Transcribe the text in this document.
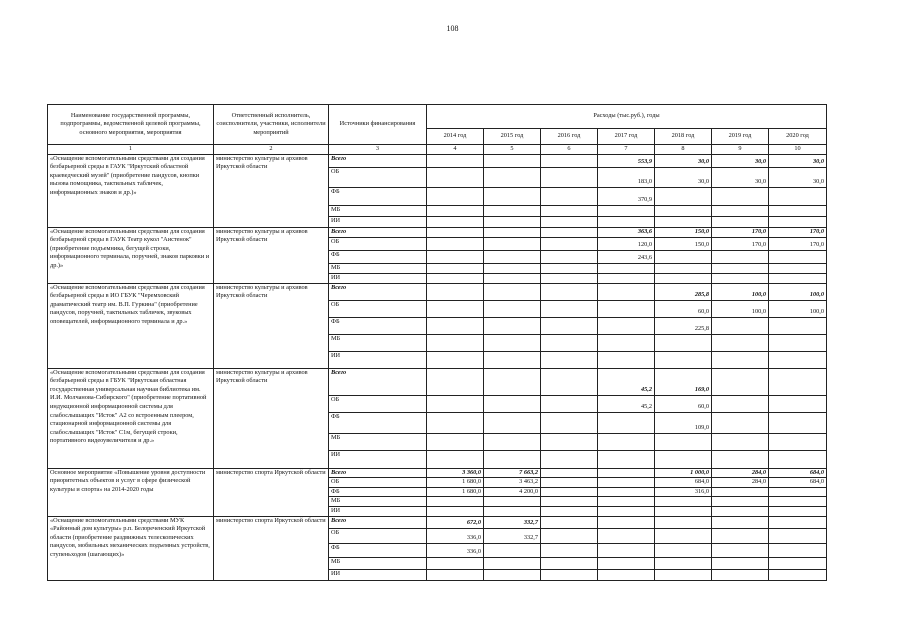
108
Наименование государственной программы, подпрограммы, ведомственной целевой программы, основного мероприятия, мероприятия	Ответственный исполнитель, соисполнители, участники, исполнители мероприятий	Источники финансирования	Расходы (тыс.руб.), годы						
			2014 год	2015 год	2016 год	2017 год	2018 год	2019 год	2020 год
1	2	3	4	5	6	7	8	9	10
«Оснащение вспомогательными средствами для создания безбарьерной среды в ГАУК "Иркутский областной краеведческий музей" (приобретение пандусов, кнопки вызова помощника, тактильных табличек, информационных знаков и др.)»	министерство культуры и архивов Иркутской области	Всего				553,9	30,0	30,0	30,0
		ОБ				183,0	30,0	30,0	30,0
		ФБ				370,9			
		МБ							
		ИИ							
«Оснащение вспомогательными средствами для создания безбарьерной среды в ГАУК Театр кукол "Аистенок"(приобретение подъемника, бегущей строки, информационного терминала, поручней, знаков парковки и др.)»	министерство культуры и архивов Иркутской области	Всего				363,6	150,0	170,0	170,0
		ОБ				120,0	150,0	170,0	170,0
		ФБ				243,6			
		МБ							
		ИИ							
«Оснащение вспомогательными средствами для создания безбарьерной среды в ИО ГБУК "Черемховский драматический театр им. В.П. Гуркина" (приобретение пандусов, поручней, тактильных табличек, звуковых оповещателей, информационного терминала и др.»	министерство культуры и архивов Иркутской области	Всего					285,8	100,0	100,0
		ОБ					60,0	100,0	100,0
		ФБ					225,8		
		МБ							
		ИИ							
«Оснащение вспомогательными средствами для создания безбарьерной среды в ГБУК "Иркутская областная государственная универсальная научная библиотека им. И.И. Молчанова-Сибирского" (приобретение портативной индукционной информационной системы для слабослышащих "Исток" А2 со встроенным плеером, стационарной информационной системы для слабослышащих "Исток" С1м, бегущей строки, портативного видеоувеличителя и др.»	министерство культуры и архивов Иркутской области	Всего				45,2	169,0		
		ОБ				45,2	60,0		
		ФБ					109,0		
		МБ							
		ИИ							
Основное мероприятие «Повышение уровня доступности приоритетных объектов и услуг в сфере физической культуры и спорта» на 2014-2020 годы	министерство спорта Иркутской области	Всего	3 360,0	7 663,2			1 000,0	284,0	684,0
		ОБ	1 680,0	3 463,2			684,0	284,0	684,0
		ФБ	1 680,0	4 200,0			316,0		
		МБ							
		ИИ							
«Оснащение вспомогательными средствами МУК «Районный дом культуры» р.п. Белореченский Иркутской области (приобретение раздвижных телескопических пандусов, мобильных механических подъемных устройств, ступеньходов (шагающих)»	министерство спорта Иркутской области	Всего	672,0	332,7					
		ОБ	336,0	332,7					
		ФБ	336,0						
		МБ							
		ИИ							
